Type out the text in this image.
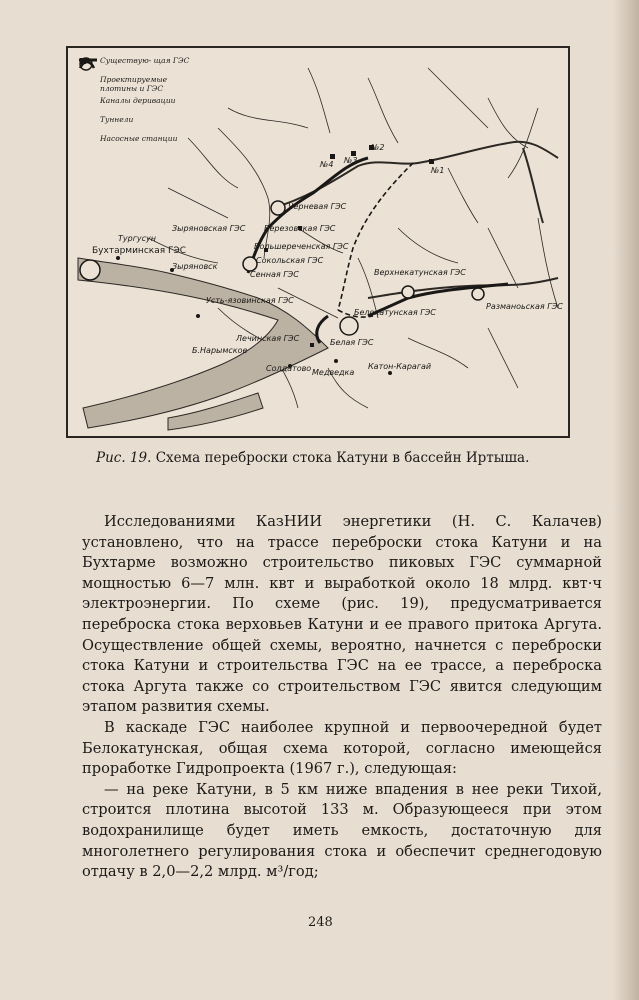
Существую- щая ГЭС
Проектируемые плотины и ГЭС
Каналы деривации
Туннели
Насосные станции
№4 №3
№2
№1
Черневая ГЭС
Тургусун
Зыряновская ГЭС Березовская ГЭС
Бухтарминская ГЭС	Большереченская ГЭС
Сокольская ГЭС
Зыряновск
Сенная ГЭС	Верхнекатунская ГЭС
Усть-язовинская ГЭС
Разманоьская ГЭС
Белокатунская ГЭС
Лечинская ГЭС	Белая ГЭС
Б.Нарымское
Солдатово Медведка
Катон-Карагай
Рис. 19. Схема переброски стока Катуни в бассейн Иртыша.

Исследованиями КазНИИ энергетики (Н. С. Калачев) установлено, что на трассе переброски стока Катуни и на Бухтарме возможно строительство пиковых ГЭС суммарной мощностью 6—7 млн. квт и выработкой около 18 млрд. квт·ч электроэнергии. По схеме (рис. 19), предусматривается переброска стока верховьев Катуни и ее правого притока Аргута. Осуществление общей схемы, вероятно, начнется с переброски стока Катуни и строительства ГЭС на ее трассе, а переброска стока Аргута также со строительством ГЭС явится следующим этапом развития схемы.

В каскаде ГЭС наиболее крупной и первоочередной будет Белокатунская, общая схема которой, согласно имеющейся проработке Гидропроекта (1967 г.), следующая:

— на реке Катуни, в 5 км ниже впадения в нее реки Тихой, строится плотина высотой 133 м. Образующееся при этом водохранилище будет иметь емкость, достаточную для многолетнего регулирования стока и обеспечит среднегодовую отдачу в 2,0—2,2 млрд. м³/год;

248
